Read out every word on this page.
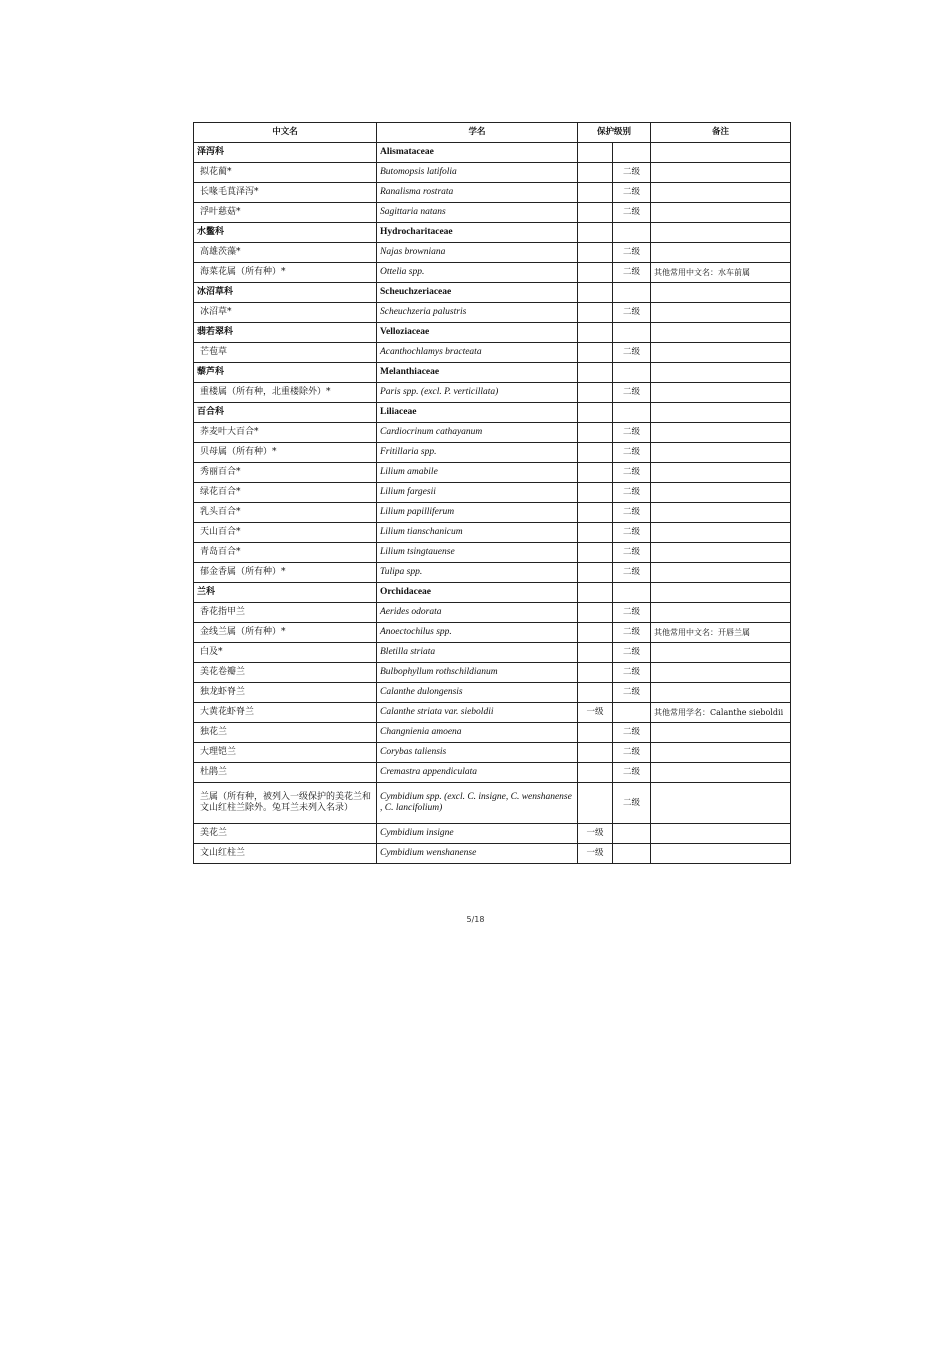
中文名	学名	保护级别		备注
泽泻科	Alismataceae			
拟花蔺*	Butomopsis latifolia		二级	
长喙毛茛泽泻*	Ranalisma rostrata		二级	
浮叶慈菇*	Sagittaria natans		二级	
水鳖科	Hydrocharitaceae			
高雄茨藻*	Najas browniana		二级	
海菜花属（所有种）*	Ottelia spp.		二级	其他常用中文名：水车前属
冰沼草科	Scheuchzeriaceae			
冰沼草*	Scheuchzeria palustris		二级	
翡若翠科	Velloziaceae			
芒苞草	Acanthochlamys bracteata		二级	
藜芦科	Melanthiaceae			
重楼属（所有种，北重楼除外）*	Paris spp. (excl. P. verticillata)		二级	
百合科	Liliaceae			
荞麦叶大百合*	Cardiocrinum cathayanum		二级	
贝母属（所有种）*	Fritillaria spp.		二级	
秀丽百合*	Lilium amabile		二级	
绿花百合*	Lilium fargesii		二级	
乳头百合*	Lilium papilliferum		二级	
天山百合*	Lilium tianschanicum		二级	
青岛百合*	Lilium tsingtauense		二级	
郁金香属（所有种）*	Tulipa spp.		二级	
兰科	Orchidaceae			
香花指甲兰	Aerides odorata		二级	
金线兰属（所有种）*	Anoectochilus spp.		二级	其他常用中文名：开唇兰属
白及*	Bletilla striata		二级	
美花卷瓣兰	Bulbophyllum rothschildianum		二级	
独龙虾脊兰	Calanthe dulongensis		二级	
大黄花虾脊兰	Calanthe striata var. sieboldii	一级		其他常用学名：Calanthe sieboldii
独花兰	Changnienia amoena		二级	
大理铠兰	Corybas taliensis		二级	
杜鹃兰	Cremastra appendiculata		二级	
兰属（所有种，被列入一级保护的美花兰和文山红柱兰除外。兔耳兰未列入名录）	Cymbidium spp. (excl. C. insigne, C. wenshanense , C. lancifolium)		二级	
美花兰	Cymbidium insigne	一级		
文山红柱兰	Cymbidium wenshanense	一级		
5/18
